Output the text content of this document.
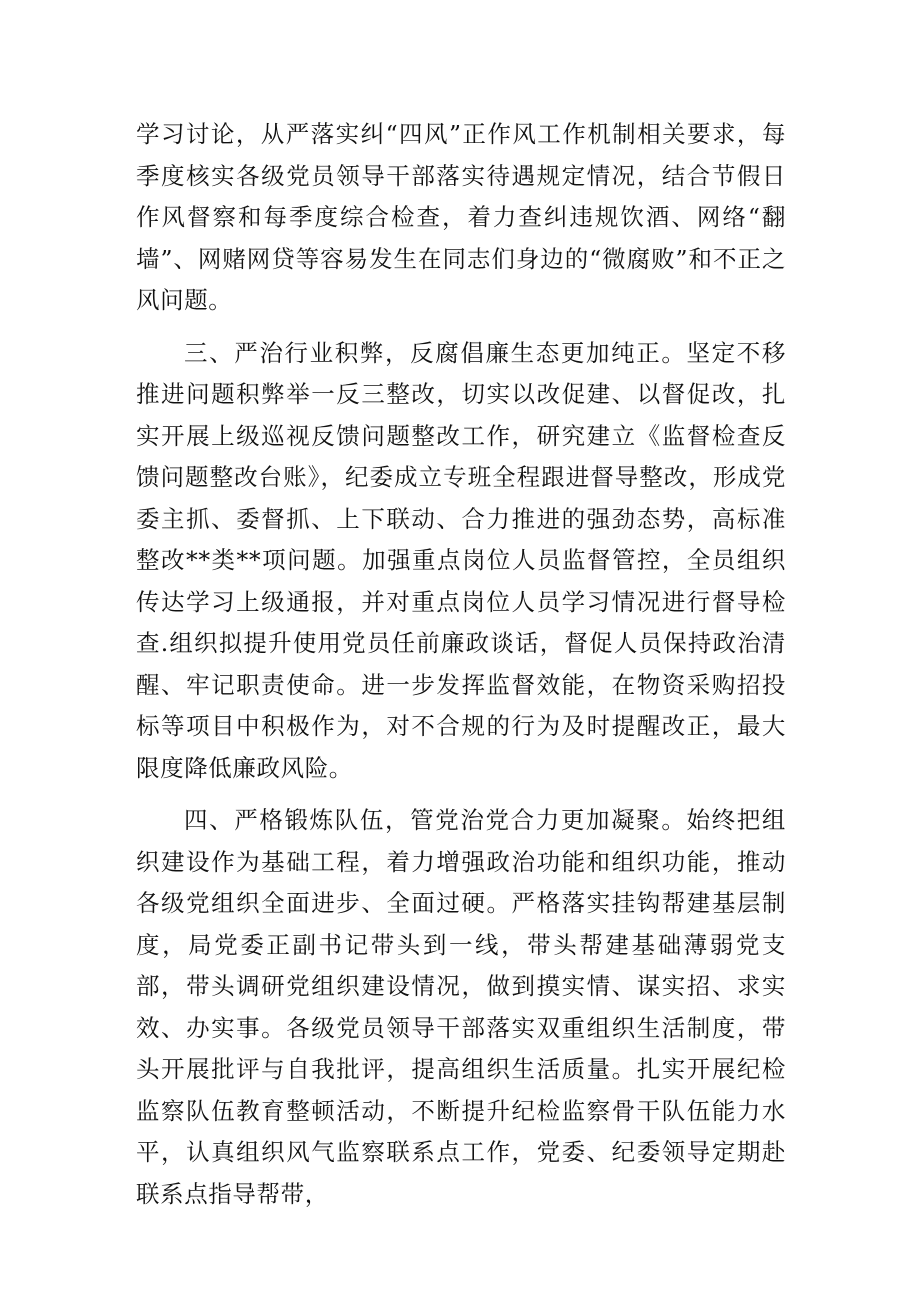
学习讨论，从严落实纠“四风”正作风工作机制相关要求，每季度核实各级党员领导干部落实待遇规定情况，结合节假日作风督察和每季度综合检查，着力查纠违规饮酒、网络“翻墙”、网赌网贷等容易发生在同志们身边的“微腐败”和不正之风问题。

三、严治行业积弊，反腐倡廉生态更加纯正。坚定不移推进问题积弊举一反三整改，切实以改促建、以督促改，扎实开展上级巡视反馈问题整改工作，研究建立《监督检查反馈问题整改台账》，纪委成立专班全程跟进督导整改，形成党委主抓、委督抓、上下联动、合力推进的强劲态势，高标准整改**类**项问题。加强重点岗位人员监督管控，全员组织传达学习上级通报，并对重点岗位人员学习情况进行督导检查.组织拟提升使用党员任前廉政谈话，督促人员保持政治清醒、牢记职责使命。进一步发挥监督效能，在物资采购招投标等项目中积极作为，对不合规的行为及时提醒改正，最大限度降低廉政风险。

四、严格锻炼队伍，管党治党合力更加凝聚。始终把组织建设作为基础工程，着力增强政治功能和组织功能，推动各级党组织全面进步、全面过硬。严格落实挂钩帮建基层制度，局党委正副书记带头到一线，带头帮建基础薄弱党支部，带头调研党组织建设情况，做到摸实情、谋实招、求实效、办实事。各级党员领导干部落实双重组织生活制度，带头开展批评与自我批评，提高组织生活质量。扎实开展纪检监察队伍教育整顿活动，不断提升纪检监察骨干队伍能力水平，认真组织风气监察联系点工作，党委、纪委领导定期赴联系点指导帮带，
